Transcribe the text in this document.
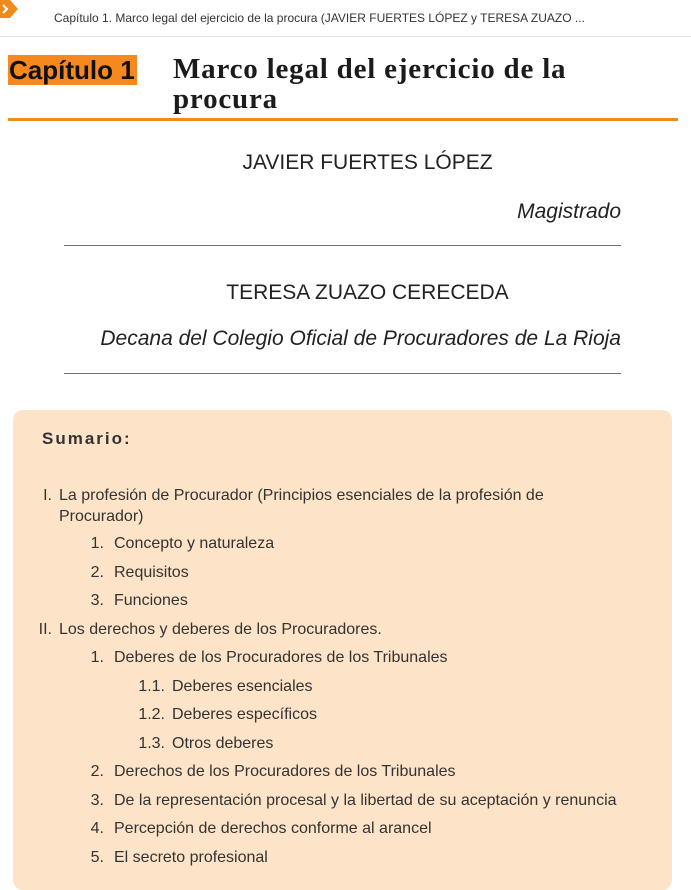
Capítulo 1. Marco legal del ejercicio de la procura (JAVIER FUERTES LÓPEZ y TERESA ZUAZO ...
Capítulo 1 Marco legal del ejercicio de la
procura
JAVIER FUERTES LÓPEZ
Magistrado
TERESA ZUAZO CERECEDA
Decana del Colegio Oficial de Procuradores de La Rioja
Sumario:
I. La profesión de Procurador (Principios esenciales de la profesión de
Procurador)
1. Concepto y naturaleza
2. Requisitos
3. Funciones
II. Los derechos y deberes de los Procuradores.
1. Deberes de los Procuradores de los Tribunales
1.1. Deberes esenciales
1.2. Deberes específicos
1.3. Otros deberes
2. Derechos de los Procuradores de los Tribunales
3. De la representación procesal y la libertad de su aceptación y renuncia
4. Percepción de derechos conforme al arancel
5. El secreto profesional
